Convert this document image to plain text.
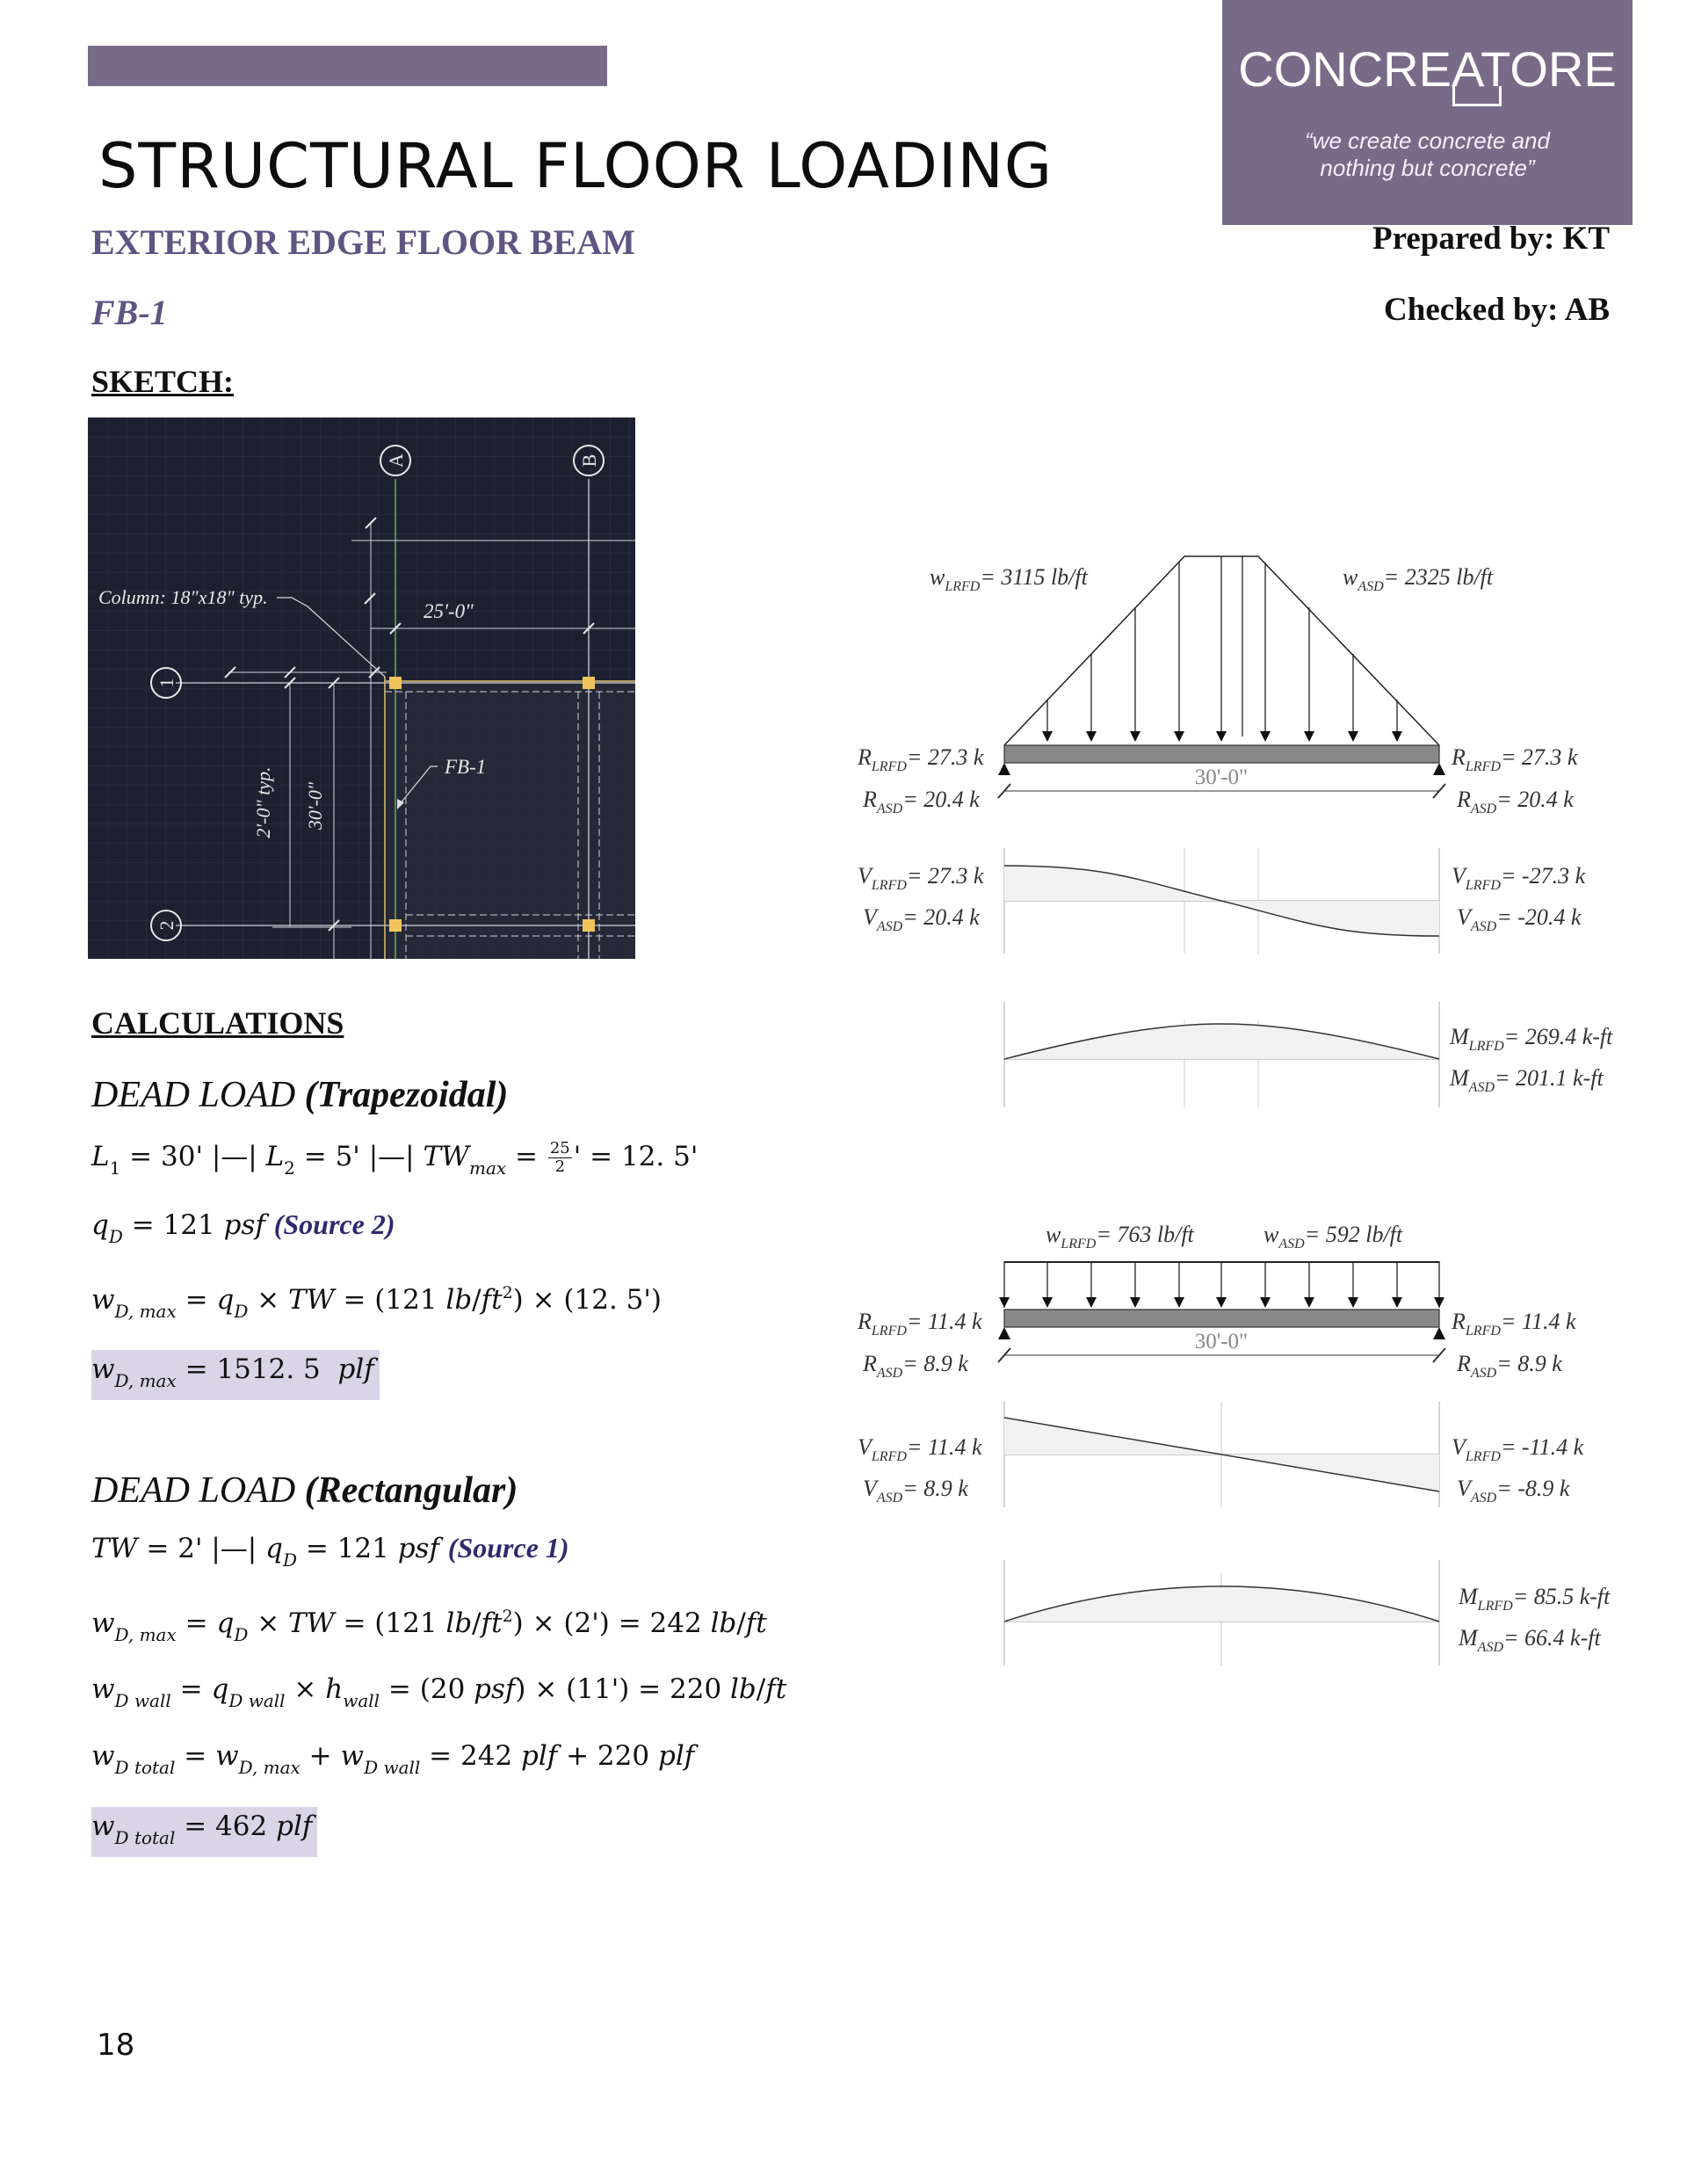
STRUCTURAL FLOOR LOADING
CONCREATORE
“we create concrete and
nothing but concrete”
EXTERIOR EDGE FLOOR BEAM
FB-1
Prepared by: KT
Checked by: AB
SKETCH:
A	B
1
2
Column: 18"x18" typ.
25'-0"
2'-0" typ. 30'-0"
FB-1	30'-0"
$w_{LRFD}= 3115$ lb/ft	$w_{ASD}= 2325$ lb/ft
$R_{LRFD}= 27.3$ k
$R_{ASD}= 20.4$ k
$R_{LRFD}= 27.3$ k
$R_{ASD}= 20.4$ k
$V_{LRFD}= 27.3$ k
$V_{ASD}= 20.4$ k
$V_{LRFD}= -27.3$ k
$V_{ASD}= -20.4$ k
$M_{LRFD}= 269.4$ k-ft
$M_{ASD}= 201.1$ k-ft
30'-0"
$w_{LRFD}= 763$ lb/ft	$w_{ASD}= 592$ lb/ft
$R_{LRFD}= 11.4$ k
$R_{ASD}= 8.9$ k
$R_{LRFD}= 11.4$ k
$R_{ASD}= 8.9$ k
$V_{LRFD}= 11.4$ k
$V_{ASD}= 8.9$ k
$V_{LRFD}= -11.4$ k
$V_{ASD}= -8.9$ k
$M_{LRFD}= 85.5$ k-ft
$M_{ASD}= 66.4$ k-ft
CALCULATIONS
DEAD LOAD (Trapezoidal)
$L_1 = 30'$ |—| $L_2 = 5'$ |—| $TW_{max} = \frac{25}{2}$ ' = 12. 5'
$q_D = 121$ psf (Source 2)
$w_{D, max} = q_D$ × TW = (121 $lb/ft^2) \times (12$. 5')
$w_{D, max} = 1512$. 5  plf
DEAD LOAD (Rectangular)
TW = 2' |—| $q_D = 121$ psf (Source 1)
$w_{D, max} = q_D$ × TW = (121 $lb/ft^2) \times (2') = 242$ lb/ft
$w_{D wall} = q_{D wall} \times h_{wall} = (20$ psf) × (11') = 220 lb/ft
$w_{D total} = w_{D, max} + w_{D wall} = 242$ plf + 220 plf
$w_{D total} = 462$ plf
18
